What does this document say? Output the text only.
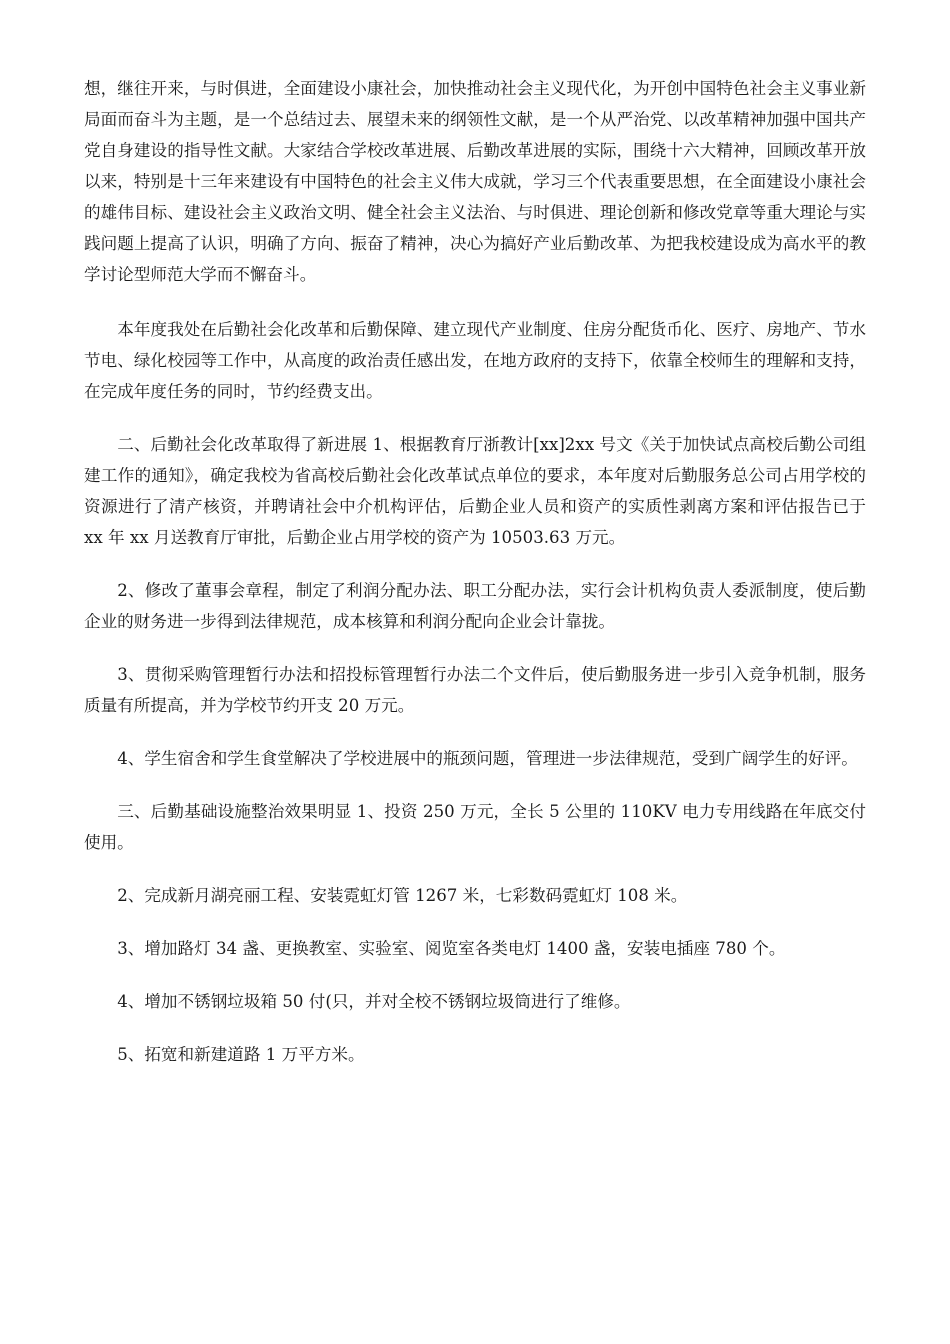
想，继往开来，与时俱进，全面建设小康社会，加快推动社会主义现代化，为开创中国特色社会主义事业新局面而奋斗为主题，是一个总结过去、展望未来的纲领性文献，是一个从严治党、以改革精神加强中国共产党自身建设的指导性文献。大家结合学校改革进展、后勤改革进展的实际，围绕十六大精神，回顾改革开放以来，特别是十三年来建设有中国特色的社会主义伟大成就，学习三个代表重要思想，在全面建设小康社会的雄伟目标、建设社会主义政治文明、健全社会主义法治、与时俱进、理论创新和修改党章等重大理论与实践问题上提高了认识，明确了方向、振奋了精神，决心为搞好产业后勤改革、为把我校建设成为高水平的教学讨论型师范大学而不懈奋斗。

本年度我处在后勤社会化改革和后勤保障、建立现代产业制度、住房分配货币化、医疗、房地产、节水节电、绿化校园等工作中，从高度的政治责任感出发，在地方政府的支持下，依靠全校师生的理解和支持，在完成年度任务的同时，节约经费支出。

二、后勤社会化改革取得了新进展 1、根据教育厅浙教计[xx]2xx 号文《关于加快试点高校后勤公司组建工作的通知》，确定我校为省高校后勤社会化改革试点单位的要求，本年度对后勤服务总公司占用学校的资源进行了清产核资，并聘请社会中介机构评估，后勤企业人员和资产的实质性剥离方案和评估报告已于 xx 年 xx 月送教育厅审批，后勤企业占用学校的资产为 10503.63 万元。

2、修改了董事会章程，制定了利润分配办法、职工分配办法，实行会计机构负责人委派制度，使后勤企业的财务进一步得到法律规范，成本核算和利润分配向企业会计靠拢。

3、贯彻采购管理暂行办法和招投标管理暂行办法二个文件后，使后勤服务进一步引入竞争机制，服务质量有所提高，并为学校节约开支 20 万元。

4、学生宿舍和学生食堂解决了学校进展中的瓶颈问题，管理进一步法律规范，受到广阔学生的好评。

三、后勤基础设施整治效果明显 1、投资 250 万元，全长 5 公里的 110KV 电力专用线路在年底交付使用。

2、完成新月湖亮丽工程、安装霓虹灯管 1267 米，七彩数码霓虹灯 108 米。

3、增加路灯 34 盏、更换教室、实验室、阅览室各类电灯 1400 盏，安装电插座 780 个。

4、增加不锈钢垃圾箱 50 付(只，并对全校不锈钢垃圾筒进行了维修。

5、拓宽和新建道路 1 万平方米。
